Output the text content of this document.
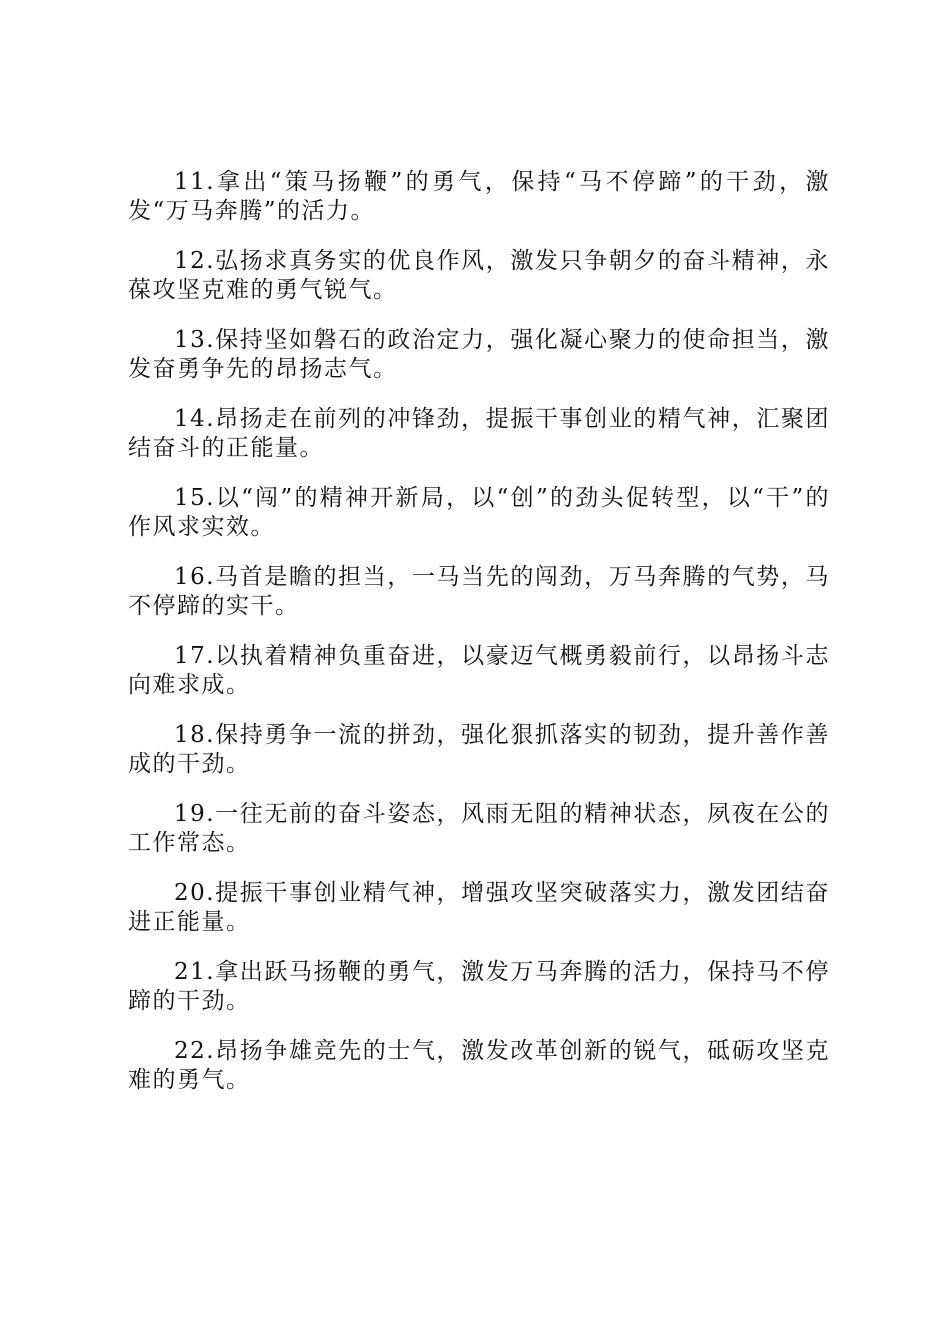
11.拿出“策马扬鞭”的勇气，保持“马不停蹄”的干劲，激发“万马奔腾”的活力。

12.弘扬求真务实的优良作风，激发只争朝夕的奋斗精神，永葆攻坚克难的勇气锐气。

13.保持坚如磐石的政治定力，强化凝心聚力的使命担当，激发奋勇争先的昂扬志气。

14.昂扬走在前列的冲锋劲，提振干事创业的精气神，汇聚团结奋斗的正能量。

15.以“闯”的精神开新局，以“创”的劲头促转型，以“干”的作风求实效。

16.马首是瞻的担当，一马当先的闯劲，万马奔腾的气势，马不停蹄的实干。

17.以执着精神负重奋进，以豪迈气概勇毅前行，以昂扬斗志向难求成。

18.保持勇争一流的拼劲，强化狠抓落实的韧劲，提升善作善成的干劲。

19.一往无前的奋斗姿态，风雨无阻的精神状态，夙夜在公的工作常态。

20.提振干事创业精气神，增强攻坚突破落实力，激发团结奋进正能量。

21.拿出跃马扬鞭的勇气，激发万马奔腾的活力，保持马不停蹄的干劲。

22.昂扬争雄竞先的士气，激发改革创新的锐气，砥砺攻坚克难的勇气。
